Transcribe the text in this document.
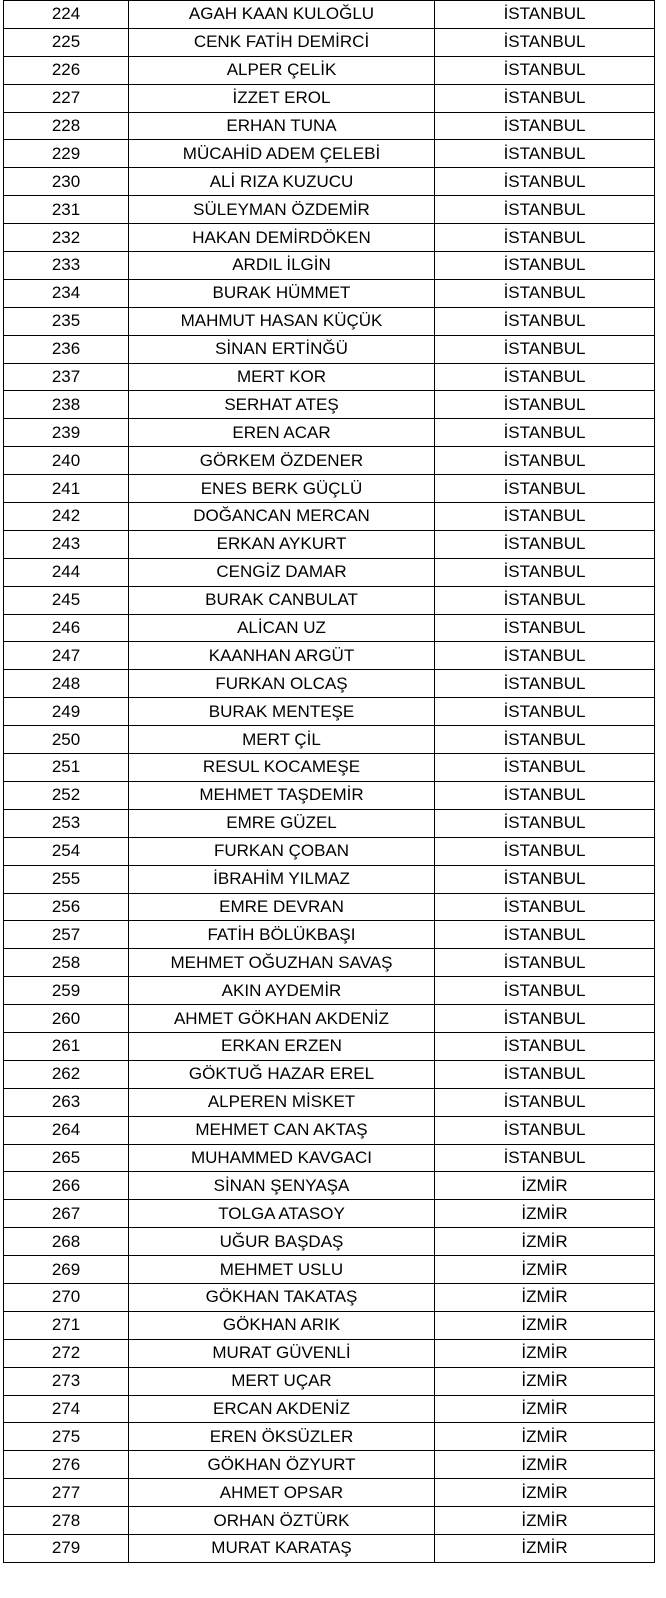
224	AGAH KAAN KULOĞLU	İSTANBUL
225	CENK FATİH DEMİRCİ	İSTANBUL
226	ALPER ÇELİK	İSTANBUL
227	İZZET EROL	İSTANBUL
228	ERHAN TUNA	İSTANBUL
229	MÜCAHİD ADEM ÇELEBİ	İSTANBUL
230	ALİ RIZA KUZUCU	İSTANBUL
231	SÜLEYMAN ÖZDEMİR	İSTANBUL
232	HAKAN DEMİRDÖKEN	İSTANBUL
233	ARDIL İLGİN	İSTANBUL
234	BURAK HÜMMET	İSTANBUL
235	MAHMUT HASAN KÜÇÜK	İSTANBUL
236	SİNAN ERTİNĞÜ	İSTANBUL
237	MERT KOR	İSTANBUL
238	SERHAT ATEŞ	İSTANBUL
239	EREN ACAR	İSTANBUL
240	GÖRKEM ÖZDENER	İSTANBUL
241	ENES BERK GÜÇLÜ	İSTANBUL
242	DOĞANCAN MERCAN	İSTANBUL
243	ERKAN AYKURT	İSTANBUL
244	CENGİZ DAMAR	İSTANBUL
245	BURAK CANBULAT	İSTANBUL
246	ALİCAN UZ	İSTANBUL
247	KAANHAN ARGÜT	İSTANBUL
248	FURKAN OLCAŞ	İSTANBUL
249	BURAK MENTEŞE	İSTANBUL
250	MERT ÇİL	İSTANBUL
251	RESUL KOCAMEŞE	İSTANBUL
252	MEHMET TAŞDEMİR	İSTANBUL
253	EMRE GÜZEL	İSTANBUL
254	FURKAN ÇOBAN	İSTANBUL
255	İBRAHİM YILMAZ	İSTANBUL
256	EMRE DEVRAN	İSTANBUL
257	FATİH BÖLÜKBAŞI	İSTANBUL
258	MEHMET OĞUZHAN SAVAŞ	İSTANBUL
259	AKIN AYDEMİR	İSTANBUL
260	AHMET GÖKHAN AKDENİZ	İSTANBUL
261	ERKAN ERZEN	İSTANBUL
262	GÖKTUĞ HAZAR EREL	İSTANBUL
263	ALPEREN MİSKET	İSTANBUL
264	MEHMET CAN AKTAŞ	İSTANBUL
265	MUHAMMED KAVGACI	İSTANBUL
266	SİNAN ŞENYAŞA	İZMİR
267	TOLGA ATASOY	İZMİR
268	UĞUR BAŞDAŞ	İZMİR
269	MEHMET USLU	İZMİR
270	GÖKHAN TAKATAŞ	İZMİR
271	GÖKHAN ARIK	İZMİR
272	MURAT GÜVENLİ	İZMİR
273	MERT UÇAR	İZMİR
274	ERCAN AKDENİZ	İZMİR
275	EREN ÖKSÜZLER	İZMİR
276	GÖKHAN ÖZYURT	İZMİR
277	AHMET OPSAR	İZMİR
278	ORHAN ÖZTÜRK	İZMİR
279	MURAT KARATAŞ	İZMİR
